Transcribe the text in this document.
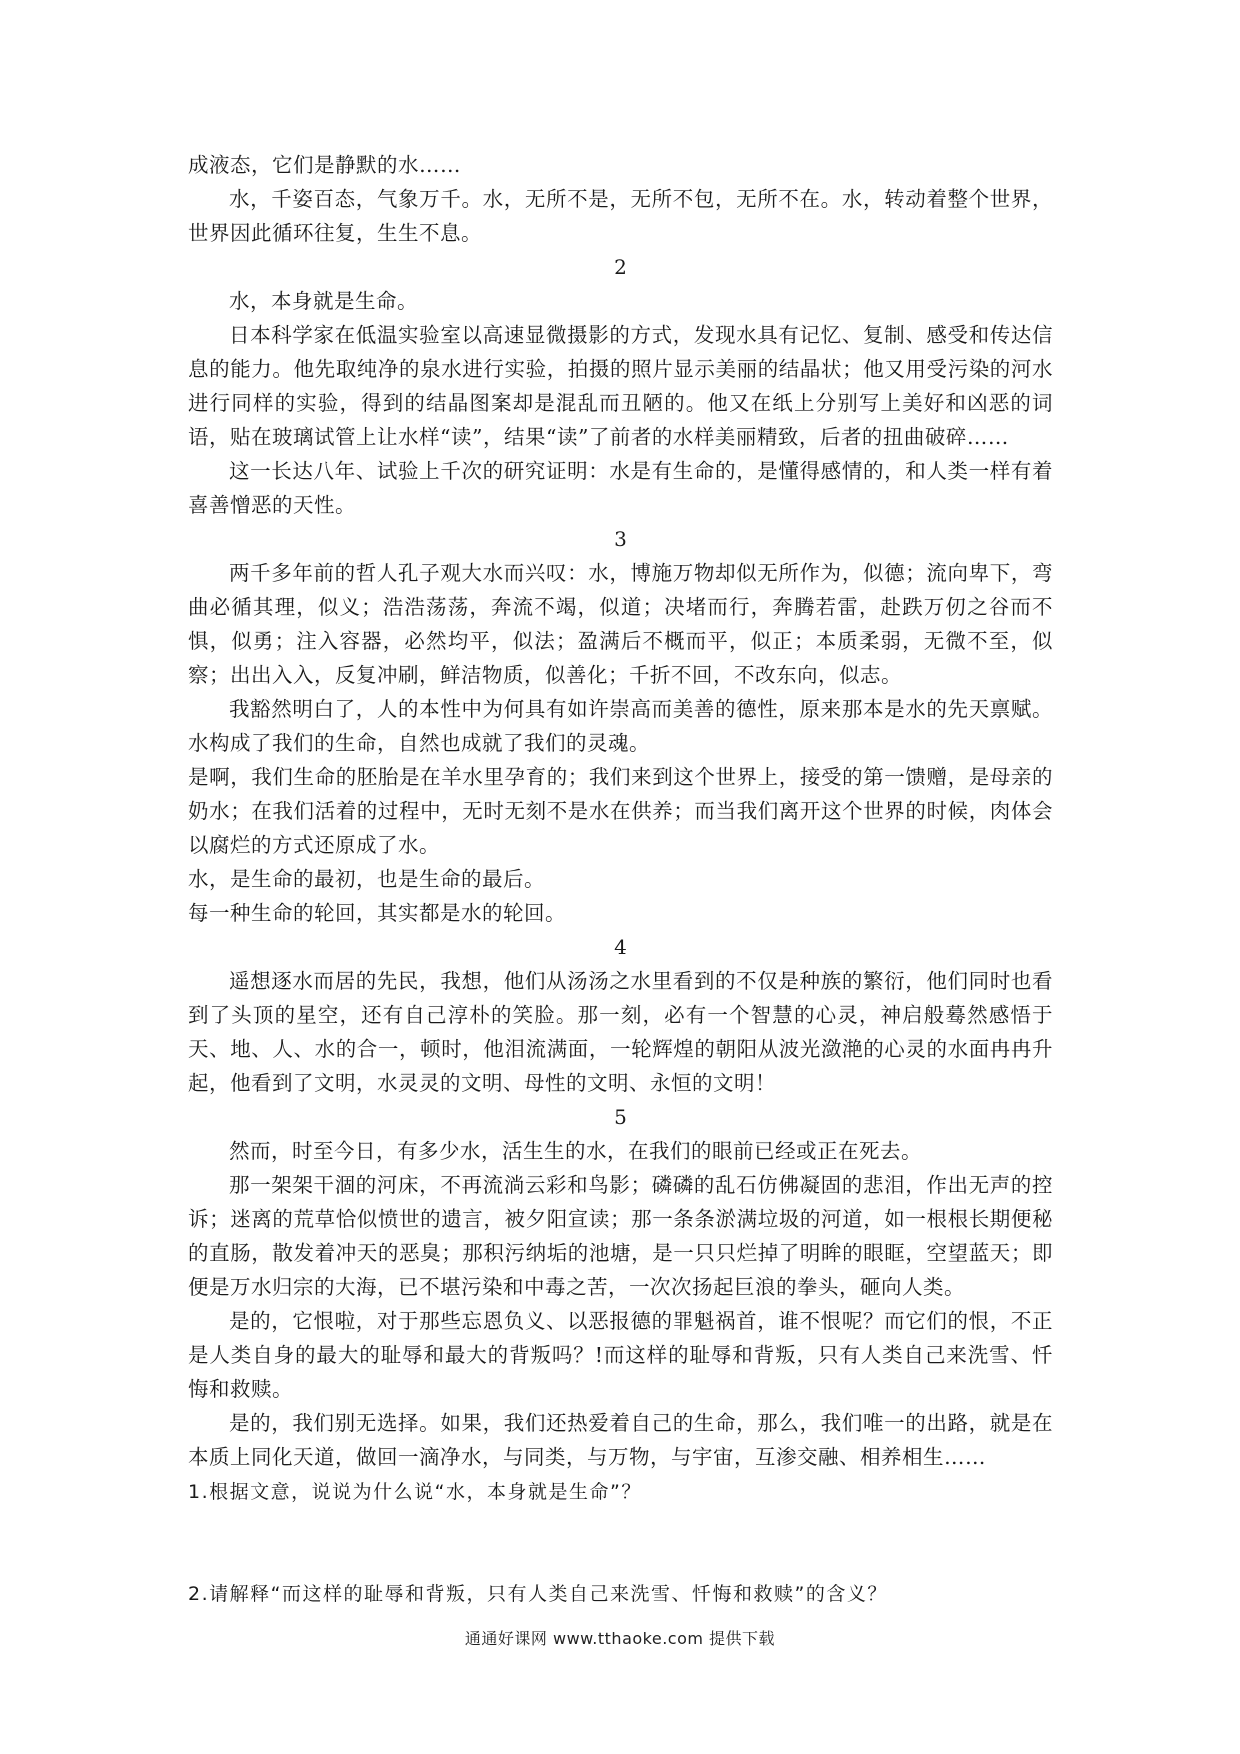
成液态，它们是静默的水……

水，千姿百态，气象万千。水，无所不是，无所不包，无所不在。水，转动着整个世界，世界因此循环往复，生生不息。

2

水，本身就是生命。

日本科学家在低温实验室以高速显微摄影的方式，发现水具有记忆、复制、感受和传达信息的能力。他先取纯净的泉水进行实验，拍摄的照片显示美丽的结晶状；他又用受污染的河水进行同样的实验，得到的结晶图案却是混乱而丑陋的。他又在纸上分别写上美好和凶恶的词语，贴在玻璃试管上让水样“读”，结果“读”了前者的水样美丽精致，后者的扭曲破碎……

这一长达八年、试验上千次的研究证明：水是有生命的，是懂得感情的，和人类一样有着喜善憎恶的天性。

3

两千多年前的哲人孔子观大水而兴叹：水，博施万物却似无所作为，似德；流向卑下，弯曲必循其理，似义；浩浩荡荡，奔流不竭，似道；决堵而行，奔腾若雷，赴跌万仞之谷而不惧，似勇；注入容器，必然均平，似法；盈满后不概而平，似正；本质柔弱，无微不至，似察；出出入入，反复冲刷，鲜洁物质，似善化；千折不回，不改东向，似志。

我豁然明白了，人的本性中为何具有如许崇高而美善的德性，原来那本是水的先天禀赋。水构成了我们的生命，自然也成就了我们的灵魂。

是啊，我们生命的胚胎是在羊水里孕育的；我们来到这个世界上，接受的第一馈赠，是母亲的奶水；在我们活着的过程中，无时无刻不是水在供养；而当我们离开这个世界的时候，肉体会以腐烂的方式还原成了水。

水，是生命的最初，也是生命的最后。

每一种生命的轮回，其实都是水的轮回。

4

遥想逐水而居的先民，我想，他们从汤汤之水里看到的不仅是种族的繁衍，他们同时也看到了头顶的星空，还有自己淳朴的笑脸。那一刻，必有一个智慧的心灵，神启般蓦然感悟于天、地、人、水的合一，顿时，他泪流满面，一轮辉煌的朝阳从波光潋滟的心灵的水面冉冉升起，他看到了文明，水灵灵的文明、母性的文明、永恒的文明！

5

然而，时至今日，有多少水，活生生的水，在我们的眼前已经或正在死去。

那一架架干涸的河床，不再流淌云彩和鸟影；磷磷的乱石仿佛凝固的悲泪，作出无声的控诉；迷离的荒草恰似愤世的遗言，被夕阳宣读；那一条条淤满垃圾的河道，如一根根长期便秘的直肠，散发着冲天的恶臭；那积污纳垢的池塘，是一只只烂掉了明眸的眼眶，空望蓝天；即便是万水归宗的大海，已不堪污染和中毒之苦，一次次扬起巨浪的拳头，砸向人类。

是的，它恨啦，对于那些忘恩负义、以恶报德的罪魁祸首，谁不恨呢？而它们的恨，不正是人类自身的最大的耻辱和最大的背叛吗？!而这样的耻辱和背叛，只有人类自己来洗雪、忏悔和救赎。

是的，我们别无选择。如果，我们还热爱着自己的生命，那么，我们唯一的出路，就是在本质上同化天道，做回一滴净水，与同类，与万物，与宇宙，互渗交融、相养相生……

1.根据文意，说说为什么说“水，本身就是生命”？

2.请解释“而这样的耻辱和背叛，只有人类自己来洗雪、忏悔和救赎”的含义？

通通好课网 www.tthaoke.com 提供下载
